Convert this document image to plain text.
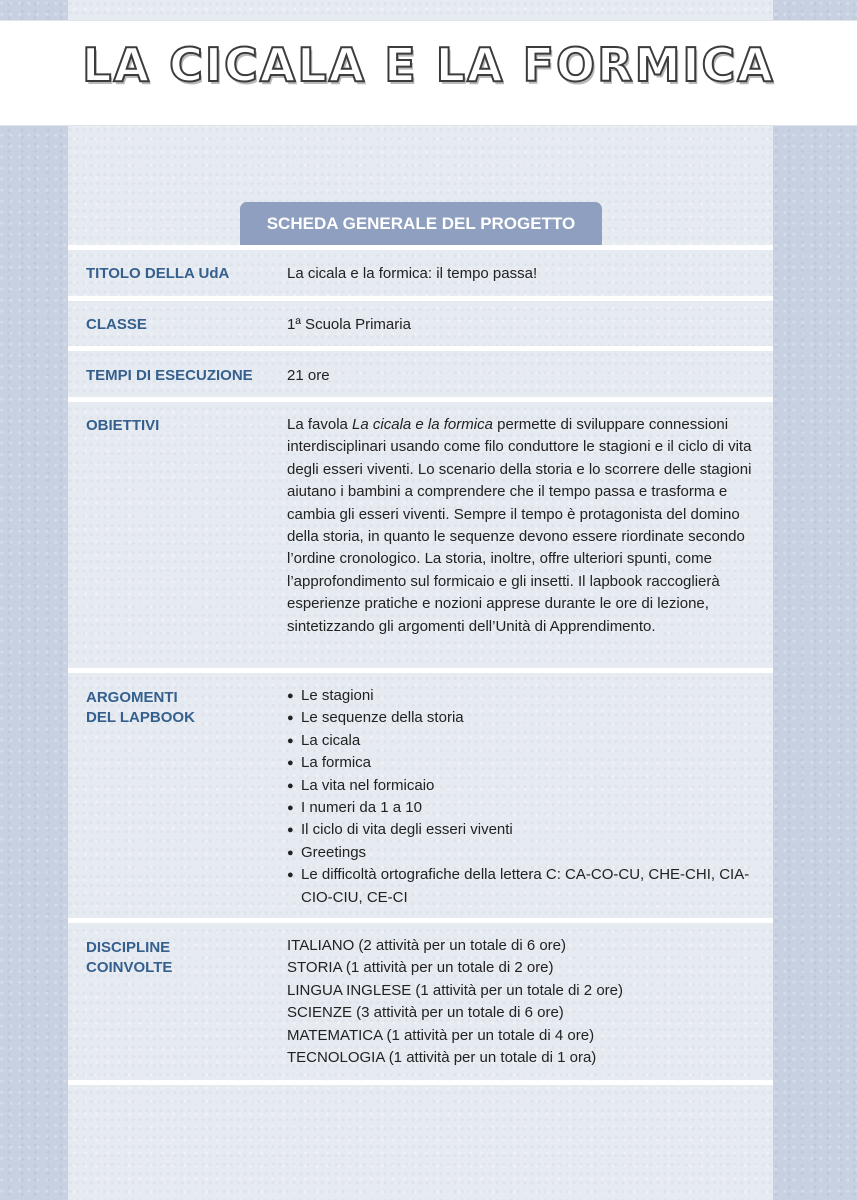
LA CICALA E LA FORMICA
SCHEDA GENERALE DEL PROGETTO

TITOLO DELLA UdA	La cicala e la formica: il tempo passa!

CLASSE	1ª Scuola Primaria

TEMPI DI ESECUZIONE 21 ore

OBIETTIVI	La favola La cicala e la formica permette di sviluppare connessioni interdisciplinari usando come filo conduttore le stagioni e il ciclo di vita degli esseri viventi. Lo scenario della storia e lo scorrere delle stagioni aiutano i bambini a comprendere che il tempo passa e trasforma e cambia gli esseri viventi. Sempre il tempo è protagonista del domino della storia, in quanto le sequenze devono essere riordinate secondo l’ordine cronologico. La storia, inoltre, offre ulteriori spunti, come l’approfondimento sul formicaio e gli insetti. Il lapbook raccoglierà esperienze pratiche e nozioni apprese durante le ore di lezione, sintetizzando gli argomenti dell’Unità di Apprendimento.

ARGOMENTI
DEL LAPBOOK

● Le stagioni
● Le sequenze della storia
● La cicala
● La formica
● La vita nel formicaio
● I numeri da 1 a 10
● Il ciclo di vita degli esseri viventi
● Greetings
● Le difficoltà ortografiche della lettera C: CA-CO-CU, CHE-CHI, CIA-CIO-CIU, CE-CI

DISCIPLINE
COINVOLTE

ITALIANO (2 attività per un totale di 6 ore)
STORIA (1 attività per un totale di 2 ore)
LINGUA INGLESE (1 attività per un totale di 2 ore)
SCIENZE (3 attività per un totale di 6 ore)
MATEMATICA (1 attività per un totale di 4 ore)
TECNOLOGIA (1 attività per un totale di 1 ora)
